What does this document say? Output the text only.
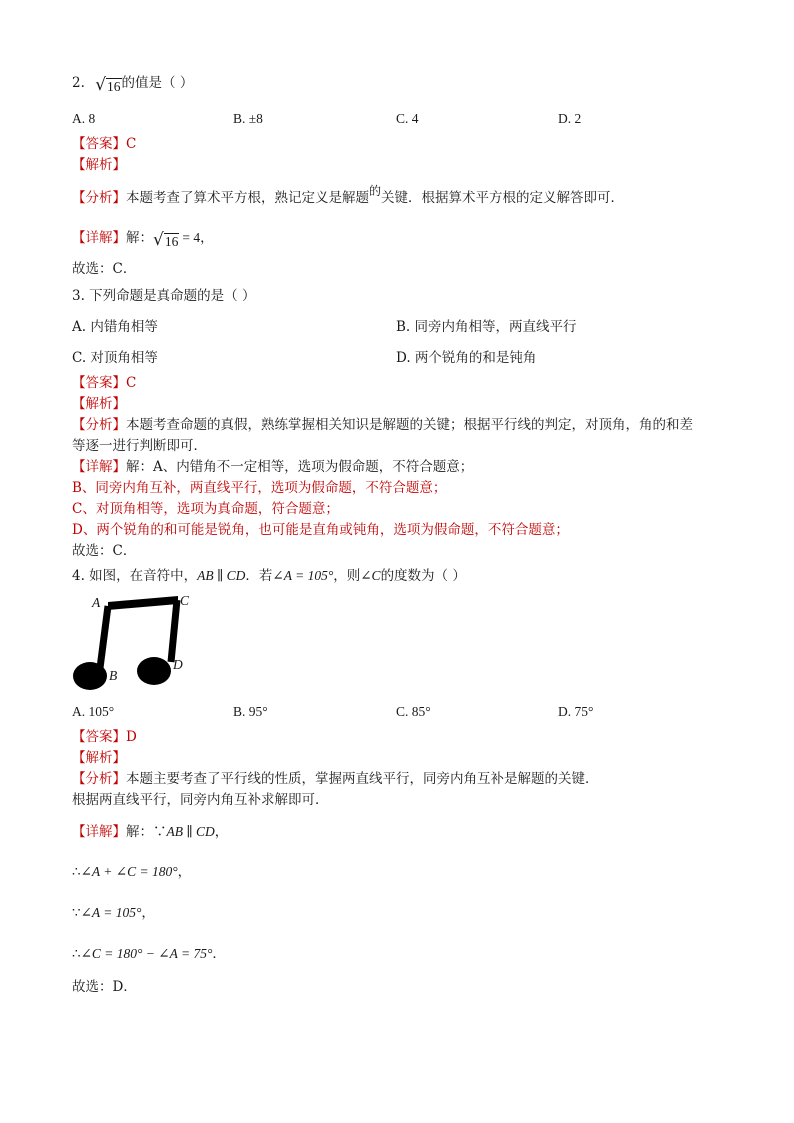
2. √ 16 的值是（ ）
A. 8	B. ±8	C. 4	D. 2
【答案】C
【解析】
【分析】本题考查了算术平方根，熟记定义是解题的关键．根据算术平方根的定义解答即可．
【详解】解： √ 16 = 4，
故选：C．
3. 下列命题是真命题的是（ ）
A. 内错角相等	B. 同旁内角相等，两直线平行
C. 对顶角相等	D. 两个锐角的和是钝角
【答案】C
【解析】
【分析】本题考查命题的真假，熟练掌握相关知识是解题的关键；根据平行线的判定，对顶角，角的和差
等逐一进行判断即可．
【详解】解：A、内错角不一定相等，选项为假命题，不符合题意；
B、同旁内角互补，两直线平行，选项为假命题，不符合题意；
C、对顶角相等，选项为真命题，符合题意；
D、两个锐角的和可能是锐角，也可能是直角或钝角，选项为假命题，不符合题意；
故选：C．
4. 如图，在音符中，AB ∥ CD．若∠A = 105°，则∠C的度数为（ ）
A	C
B
D
A. 105°	B. 95°	C. 85°	D. 75°
【答案】D
【解析】
【分析】本题主要考查了平行线的性质，掌握两直线平行，同旁内角互补是解题的关键．
根据两直线平行，同旁内角互补求解即可．
【详解】解：∵AB ∥ CD，
∴∠A + ∠C = 180°，
∵∠A = 105°，
∴∠C = 180° − ∠A = 75°．
故选：D．
